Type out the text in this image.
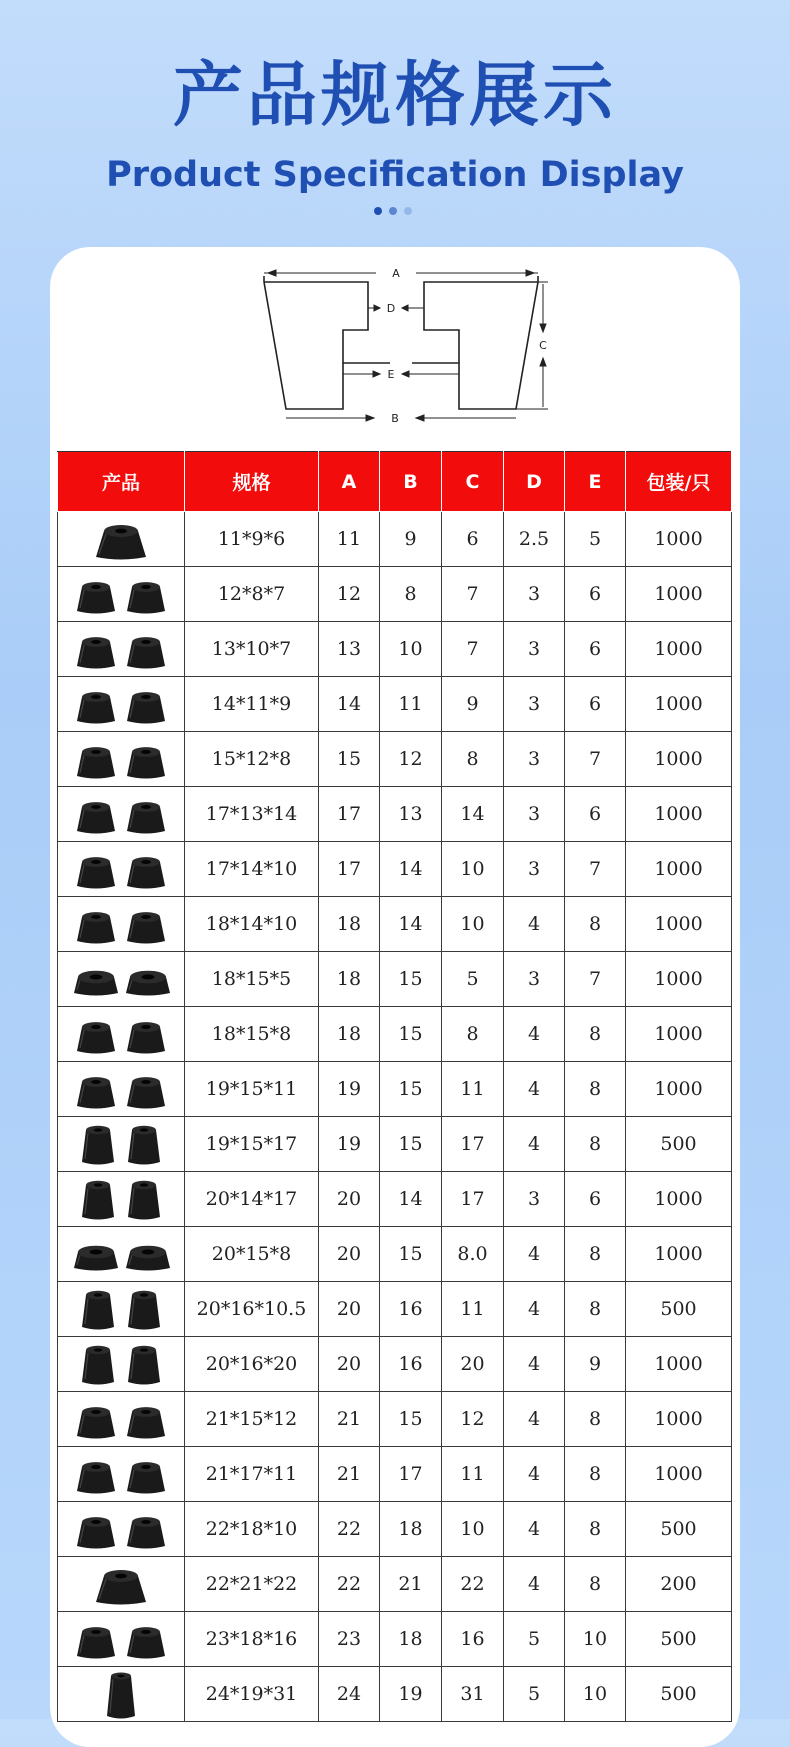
产品规格展示
Product Specification Display
A
D
C
E
B
产品	规格	A	B	C	D	E	包装/只

	11*9*6	11	9	6	2.5	5	1000

	12*8*7	12	8	7	3	6	1000

	13*10*7	13	10	7	3	6	1000

	14*11*9	14	11	9	3	6	1000

	15*12*8	15	12	8	3	7	1000

	17*13*14	17	13	14	3	6	1000

	17*14*10	17	14	10	3	7	1000

	18*14*10	18	14	10	4	8	1000

	18*15*5	18	15	5	3	7	1000

	18*15*8	18	15	8	4	8	1000

	19*15*11	19	15	11	4	8	1000

	19*15*17	19	15	17	4	8	500

	20*14*17	20	14	17	3	6	1000

	20*15*8	20	15	8.0	4	8	1000

	20*16*10.5	20	16	11	4	8	500

	20*16*20	20	16	20	4	9	1000

	21*15*12	21	15	12	4	8	1000

	21*17*11	21	17	11	4	8	1000

	22*18*10	22	18	10	4	8	500

	22*21*22	22	21	22	4	8	200

	23*18*16	23	18	16	5	10	500

	24*19*31	24	19	31	5	10	500
